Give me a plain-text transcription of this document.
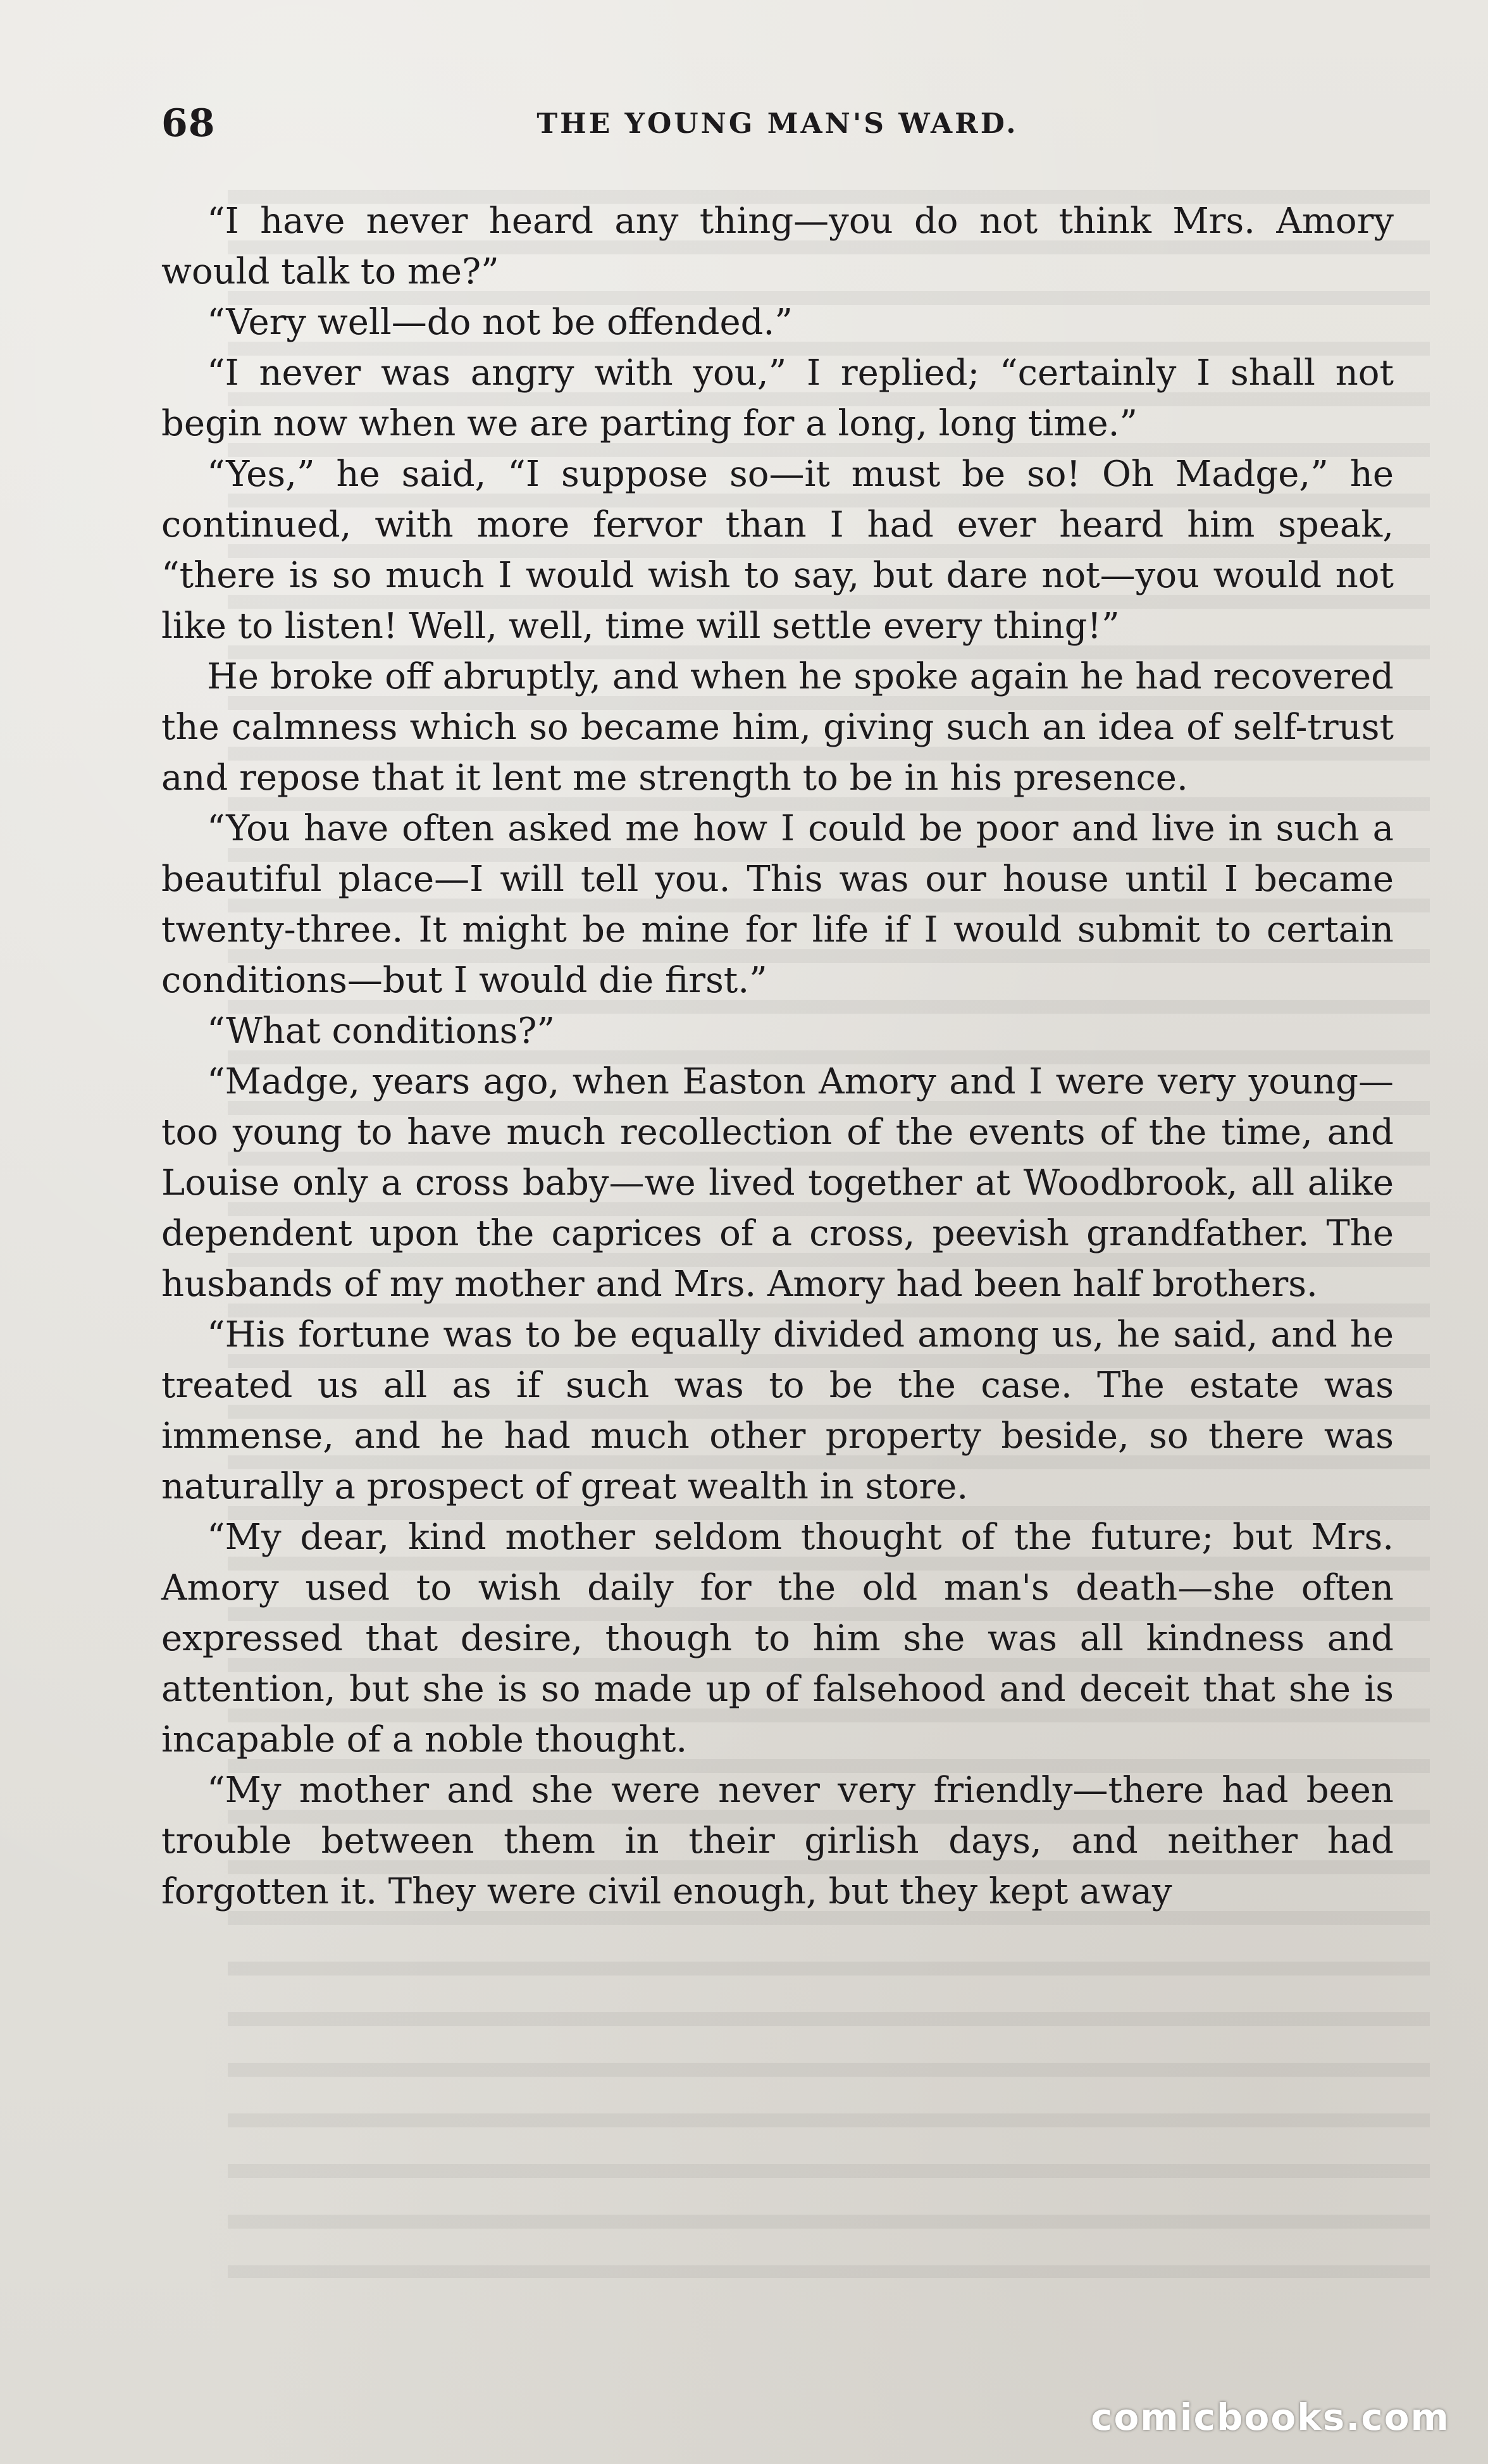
68	THE YOUNG MAN'S WARD.

“I have never heard any thing—you do not think Mrs. Amory would talk to me?”

“Very well—do not be offended.”

“I never was angry with you,” I replied; “certainly I shall not begin now when we are parting for a long, long time.”

“Yes,” he said, “I suppose so—it must be so! Oh Madge,” he continued, with more fervor than I had ever heard him speak, “there is so much I would wish to say, but dare not—you would not like to listen! Well, well, time will settle every thing!”

He broke off abruptly, and when he spoke again he had recovered the calmness which so became him, giving such an idea of self-trust and repose that it lent me strength to be in his presence.

“You have often asked me how I could be poor and live in such a beautiful place—I will tell you. This was our house until I became twenty-three. It might be mine for life if I would submit to certain conditions—but I would die first.”

“What conditions?”

“Madge, years ago, when Easton Amory and I were very young—too young to have much recollection of the events of the time, and Louise only a cross baby—we lived together at Woodbrook, all alike dependent upon the caprices of a cross, peevish grandfather. The husbands of my mother and Mrs. Amory had been half brothers.

“His fortune was to be equally divided among us, he said, and he treated us all as if such was to be the case. The estate was immense, and he had much other property beside, so there was naturally a prospect of great wealth in store.

“My dear, kind mother seldom thought of the future; but Mrs. Amory used to wish daily for the old man's death—she often expressed that desire, though to him she was all kindness and attention, but she is so made up of falsehood and deceit that she is incapable of a noble thought.

“My mother and she were never very friendly—there had been trouble between them in their girlish days, and neither had forgotten it. They were civil enough, but they kept away

comicbooks.com
